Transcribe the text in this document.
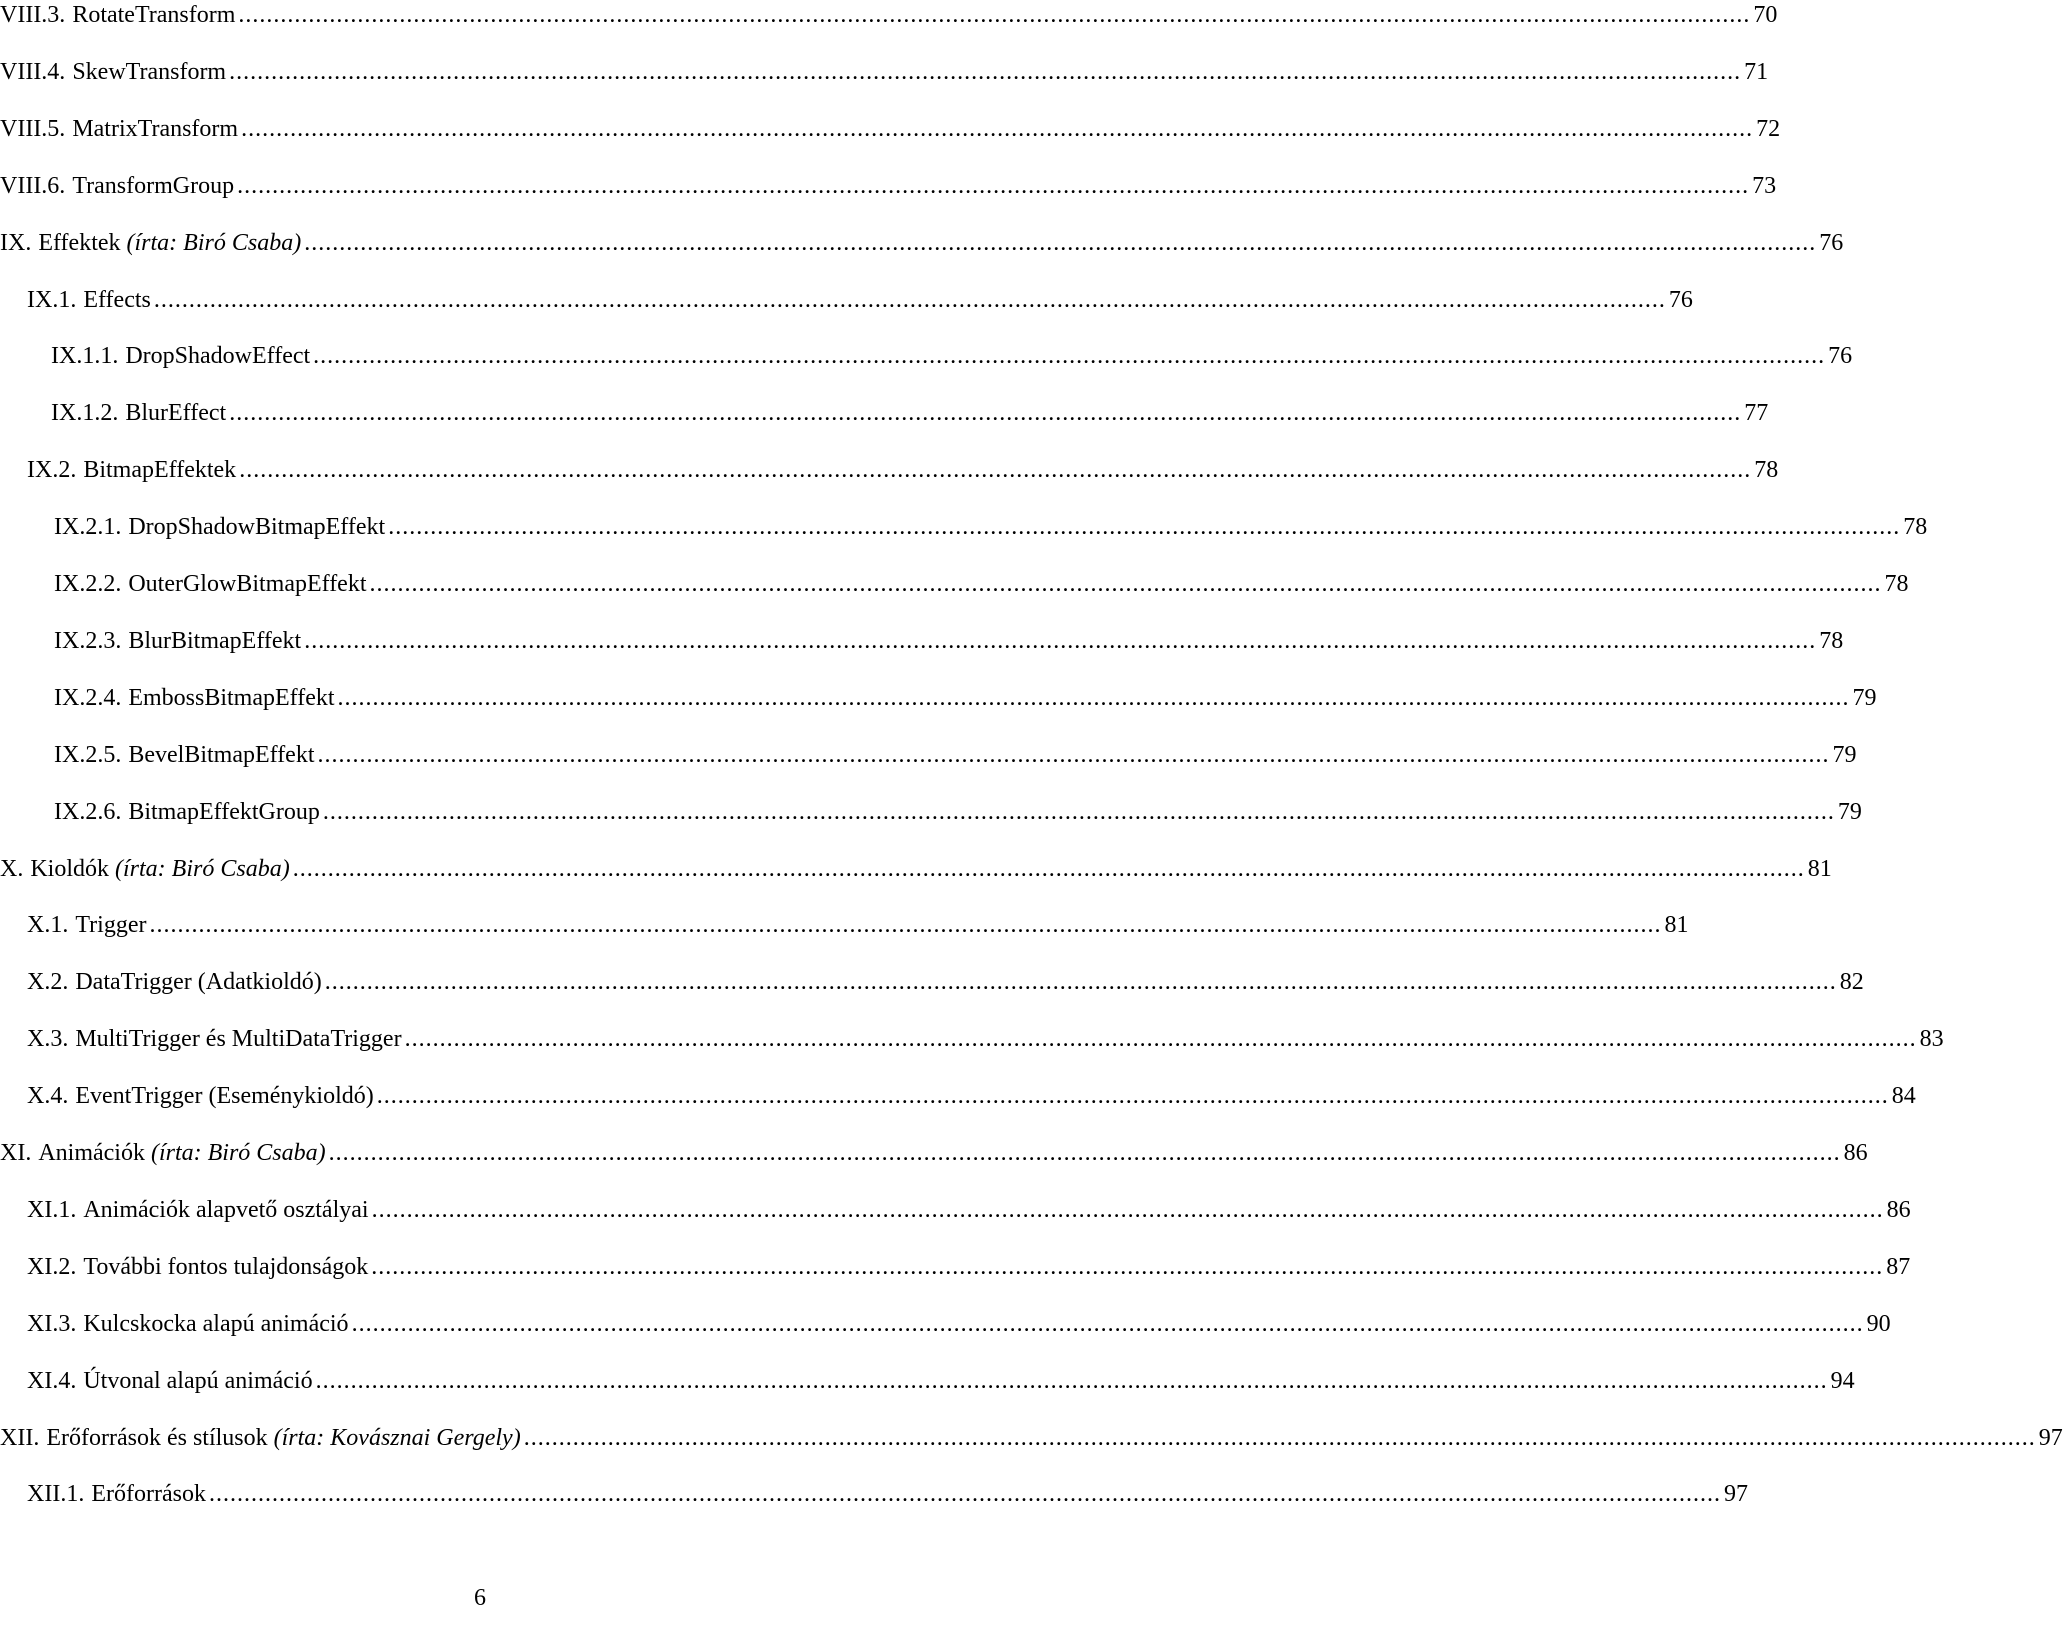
VIII.3. RotateTransform .....	70
VIII.4. SkewTransform .....	71
VIII.5. MatrixTransform .....	72
VIII.6. TransformGroup .....	73
IX. Effektek (írta: Biró Csaba) .....	76
IX.1. Effects .....	76
IX.1.1. DropShadowEffect .....	76
IX.1.2. BlurEffect .....	77
IX.2. BitmapEffektek .....	78
IX.2.1. DropShadowBitmapEffekt .....	78
IX.2.2. OuterGlowBitmapEffekt .....	78
IX.2.3. BlurBitmapEffekt .....	78
IX.2.4. EmbossBitmapEffekt .....	79
IX.2.5. BevelBitmapEffekt .....	79
IX.2.6. BitmapEffektGroup .....	79
X. Kioldók (írta: Biró Csaba) .....	81
X.1. Trigger .....	81
X.2. DataTrigger (Adatkioldó) .....	82
X.3. MultiTrigger és MultiDataTrigger .....	83
X.4. EventTrigger (Eseménykioldó) .....	84
XI. Animációk (írta: Biró Csaba) .....	86
XI.1. Animációk alapvető osztályai .....	86
XI.2. További fontos tulajdonságok .....	87
XI.3. Kulcskocka alapú animáció .....	90
XI.4. Útvonal alapú animáció .....	94
XII. Erőforrások és stílusok (írta: Kovásznai Gergely) .....	97
XII.1. Erőforrások .....	97
6
